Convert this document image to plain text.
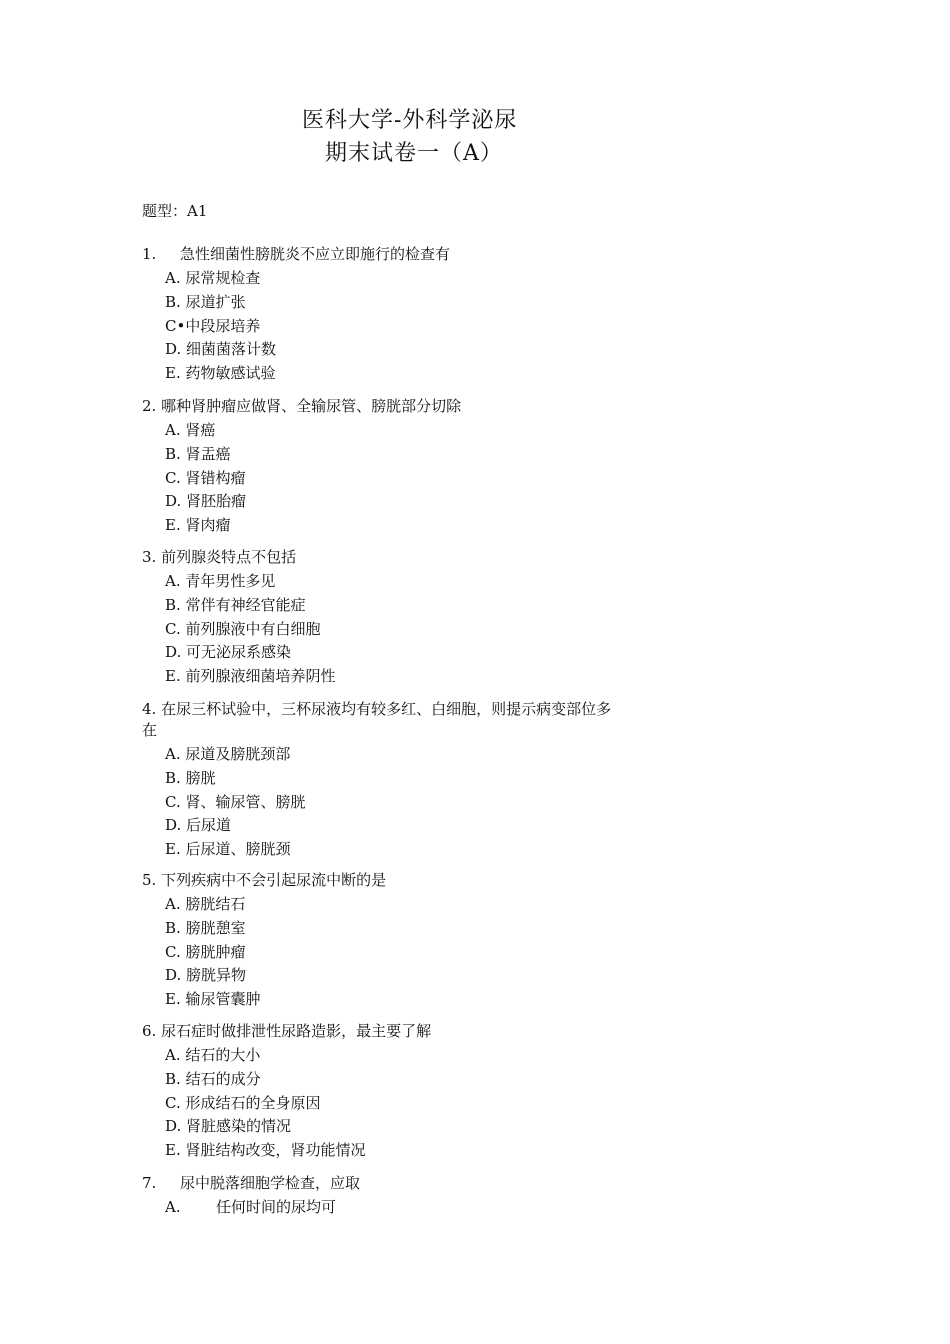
医科大学-外科学泌尿
期末试卷一（A）
题型：A1
1. 急性细菌性膀胱炎不应立即施行的检查有
A. 尿常规检查
B. 尿道扩张
C•中段尿培养
D. 细菌菌落计数
E. 药物敏感试验
2. 哪种肾肿瘤应做肾、全输尿管、膀胱部分切除
A. 肾癌
B. 肾盂癌
C. 肾错构瘤
D. 肾胚胎瘤
E. 肾肉瘤
3. 前列腺炎特点不包括
A. 青年男性多见
B. 常伴有神经官能症
C. 前列腺液中有白细胞
D. 可无泌尿系感染
E. 前列腺液细菌培养阴性
4. 在尿三杯试验中，三杯尿液均有较多红、白细胞，则提示病变部位多
在
A. 尿道及膀胱颈部
B. 膀胱
C. 肾、输尿管、膀胱
D. 后尿道
E. 后尿道、膀胱颈
5. 下列疾病中不会引起尿流中断的是
A. 膀胱结石
B. 膀胱憩室
C. 膀胱肿瘤
D. 膀胱异物
E. 输尿管囊肿
6. 尿石症时做排泄性尿路造影，最主要了解
A. 结石的大小
B. 结石的成分
C. 形成结石的全身原因
D. 肾脏感染的情况
E. 肾脏结构改变，肾功能情况
7. 尿中脱落细胞学检查，应取
A. 任何时间的尿均可
